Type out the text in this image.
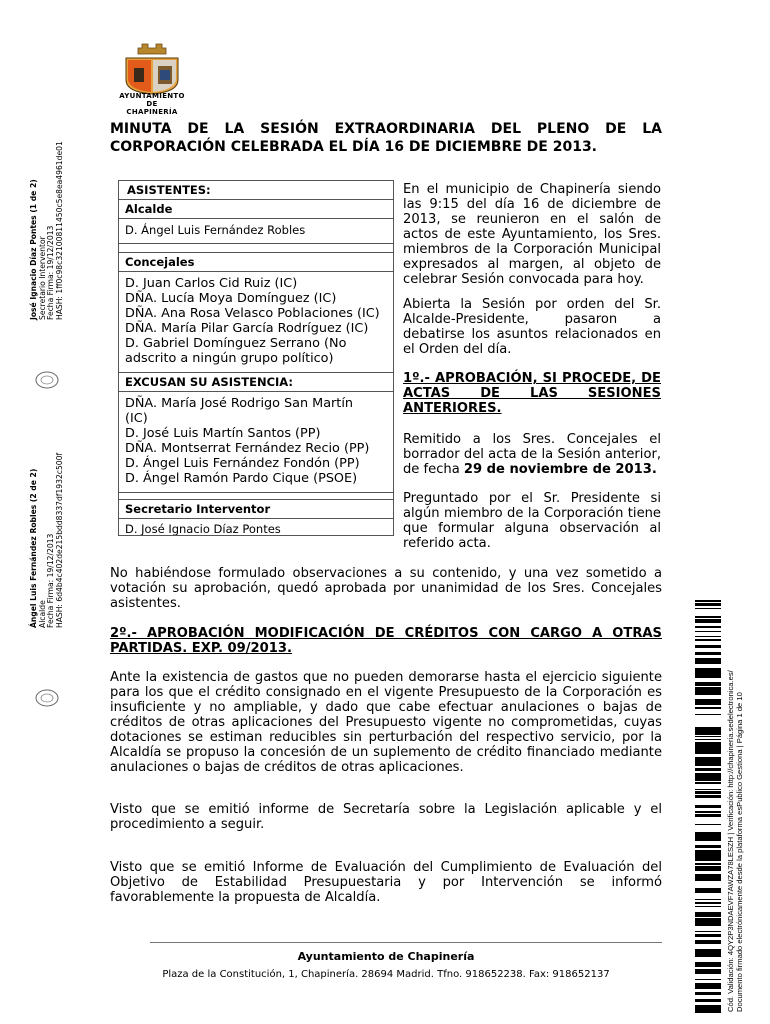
AYUNTAMIENTO
DE
CHAPINERÍA
MINUTA DE LA SESIÓN EXTRAORDINARIA DEL PLENO DE LA
CORPORACIÓN CELEBRADA EL DÍA 16 DE DICIEMBRE DE 2013.
José Ignacio Díaz Pontes (1 de 2) Secretario Interventor Fecha Firma: 19/12/2013 HASH: 1ff0c98c32100811450c5e8ea4961de01
Ángel Luis Fernández Robles (2 de 2) Alcalde Fecha Firma: 19/12/2013 HASH: 6d4b4c402de215bdd8337df1932c500f
ASISTENTES:
Alcalde
D. Ángel Luis Fernández Robles
Concejales
D. Juan Carlos Cid Ruiz (IC)
DÑA. Lucía Moya Domínguez (IC)
DÑA. Ana Rosa Velasco Poblaciones (IC)
DÑA. María Pilar García Rodríguez (IC)
D. Gabriel Domínguez Serrano (No
adscrito a ningún grupo político)
EXCUSAN SU ASISTENCIA:
DÑA. María José Rodrigo San Martín
(IC)
D. José Luis Martín Santos (PP)
DÑA. Montserrat Fernández Recio (PP)
D. Ángel Luis Fernández Fondón (PP)
D. Ángel Ramón Pardo Cique (PSOE)
Secretario Interventor
D. José Ignacio Díaz Pontes

En el municipio de Chapinería siendo las 9:15 del día 16 de diciembre de 2013, se reunieron en el salón de actos de este Ayuntamiento, los Sres. miembros de la Corporación Municipal expresados al margen, al objeto de celebrar Sesión convocada para hoy.

Abierta la Sesión por orden del Sr. Alcalde-Presidente, pasaron a debatirse los asuntos relacionados en el Orden del día.

1º.- APROBACIÓN, SI PROCEDE, DE ACTAS DE LAS SESIONES ANTERIORES.

Remitido a los Sres. Concejales el borrador del acta de la Sesión anterior, de fecha 29 de noviembre de 2013.

Preguntado por el Sr. Presidente si algún miembro de la Corporación tiene que formular alguna observación al referido acta.

No habiéndose formulado observaciones a su contenido, y una vez sometido a votación su aprobación, quedó aprobada por unanimidad de los Sres. Concejales asistentes.
2º.- APROBACIÓN MODIFICACIÓN DE CRÉDITOS CON CARGO A OTRAS PARTIDAS. EXP. 09/2013.
Ante la existencia de gastos que no pueden demorarse hasta el ejercicio siguiente para los que el crédito consignado en el vigente Presupuesto de la Corporación es insuficiente y no ampliable, y dado que cabe efectuar anulaciones o bajas de créditos de otras aplicaciones del Presupuesto vigente no comprometidas, cuyas dotaciones se estiman reducibles sin perturbación del respectivo servicio, por la Alcaldía se propuso la concesión de un suplemento de crédito financiado mediante anulaciones o bajas de créditos de otras aplicaciones.
Visto que se emitió informe de Secretaría sobre la Legislación aplicable y el procedimiento a seguir.
Visto que se emitió Informe de Evaluación del Cumplimiento de Evaluación del Objetivo de Estabilidad Presupuestaria y por Intervención se informó favorablemente la propuesta de Alcaldía.
Ayuntamiento de Chapinería
Plaza de la Constitución, 1, Chapinería. 28694 Madrid. Tfno. 918652238. Fax: 918652137	Cód. Validación: 4QY2P3NDAEVF7AWZA78LESZH | Verificación: http://chapineria.sedelectronica.es/ Documento firmado electrónicamente desde la plataforma esPublico Gestiona | Página 1 de 10
